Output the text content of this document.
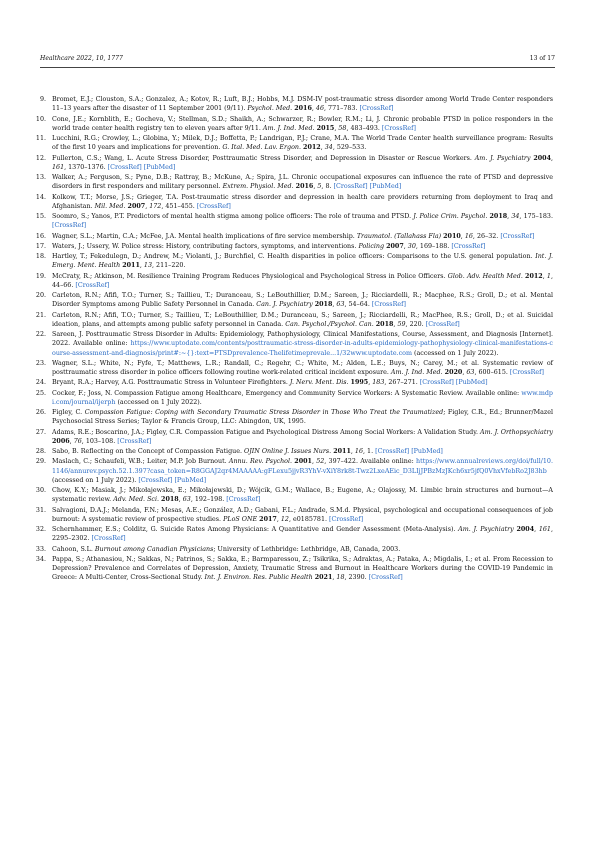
Healthcare 2022, 10, 1777	13 of 17
9. Bromet, E.J.; Clouston, S.A.; Gonzalez, A.; Kotov, R.; Luft, B.J.; Hobbs, M.J. DSM-IV post-traumatic stress disorder among World Trade Center responders 11–13 years after the disaster of 11 September 2001 (9/11). Psychol. Med. 2016, 46, 771–783. [CrossRef]
10. Cone, J.E.; Kornblith, E.; Gocheva, V.; Stellman, S.D.; Shaikh, A.; Schwarzer, R.; Bowler, R.M.; Li, J. Chronic probable PTSD in police responders in the world trade center health registry ten to eleven years after 9/11. Am. J. Ind. Med. 2015, 58, 483–493. [CrossRef]
11. Lucchini, R.G.; Crowley, L.; Globina, Y.; Milek, D.J.; Boffetta, P.; Landrigan, P.J.; Crane, M.A. The World Trade Center health surveillance program: Results of the first 10 years and implications for prevention. G. Ital. Med. Lav. Ergon. 2012, 34, 529–533.
12. Fullerton, C.S.; Wang, L. Acute Stress Disorder, Posttraumatic Stress Disorder, and Depression in Disaster or Rescue Workers. Am. J. Psychiatry 2004, 161, 1370–1376. [CrossRef] [PubMed]
13. Walker, A.; Ferguson, S.; Pyne, D.B.; Rattray, B.; McKune, A.; Spira, J.L. Chronic occupational exposures can influence the rate of PTSD and depressive disorders in first responders and military personnel. Extrem. Physiol. Med. 2016, 5, 8. [CrossRef] [PubMed]
14. Kolkow, T.T.; Morse, J.S.; Grieger, T.A. Post-traumatic stress disorder and depression in health care providers returning from deployment to Iraq and Afghanistan. Mil. Med. 2007, 172, 451–455. [CrossRef]
15. Soomro, S.; Yanos, P.T. Predictors of mental health stigma among police officers: The role of trauma and PTSD. J. Police Crim. Psychol. 2018, 34, 175–183. [CrossRef]
16. Wagner, S.L.; Martin, C.A.; McFee, J.A. Mental health implications of fire service membership. Traumatol. (Tallahass Fla) 2010, 16, 26–32. [CrossRef]
17. Waters, J.; Ussery, W. Police stress: History, contributing factors, symptoms, and interventions. Policing 2007, 30, 169–188. [CrossRef]
18. Hartley, T.; Fekedulegn, D.; Andrew, M.; Violanti, J.; Burchfiel, C. Health disparities in police officers: Comparisons to the U.S. general population. Int. J. Emerg. Ment. Health 2011, 13, 211–220.
19. McCraty, R.; Atkinson, M. Resilience Training Program Reduces Physiological and Psychological Stress in Police Officers. Glob. Adv. Health Med. 2012, 1, 44–66. [CrossRef]
20. Carleton, R.N.; Afifi, T.O.; Turner, S.; Taillieu, T.; Duranceau, S.; LeBouthillier, D.M.; Sareen, J.; Ricciardelli, R.; Macphee, R.S.; Groll, D.; et al. Mental Disorder Symptoms among Public Safety Personnel in Canada. Can. J. Psychiatry 2018, 63, 54–64. [CrossRef]
21. Carleton, R.N.; Afifi, T.O.; Turner, S.; Taillieu, T.; LeBouthillier, D.M.; Duranceau, S.; Sareen, J.; Ricciardelli, R.; MacPhee, R.S.; Groll, D.; et al. Suicidal ideation, plans, and attempts among public safety personnel in Canada. Can. Psychol./Psychol. Can. 2018, 59, 220. [CrossRef]
22. Sareen, J. Posttraumatic Stress Disorder in Adults: Epidemiology, Pathophysiology, Clinical Manifestations, Course, Assessment, and Diagnosis [Internet]. 2022. Available online: https://www.uptodate.com/contents/posttraumatic-stress-disorder-in-adults-epidemiology-pathophysiology-clinical-manifestations-course-assessment-and-diagnosis/print#:~{}:text=PTSDprevalence-Thelifetimeprevale...1/32www.uptodate.com (accessed on 1 July 2022).
23. Wagner, S.L.; White, N.; Fyfe, T.; Matthews, L.R.; Randall, C.; Regehr, C.; White, M.; Alden, L.E.; Buys, N.; Carey, M.; et al. Systematic review of posttraumatic stress disorder in police officers following routine work-related critical incident exposure. Am. J. Ind. Med. 2020, 63, 600–615. [CrossRef]
24. Bryant, R.A.; Harvey, A.G. Posttraumatic Stress in Volunteer Firefighters. J. Nerv. Ment. Dis. 1995, 183, 267–271. [CrossRef] [PubMed]
25. Cocker, F.; Joss, N. Compassion Fatigue among Healthcare, Emergency and Community Service Workers: A Systematic Review. Available online: www.mdpi.com/journal/ijerph (accessed on 1 July 2022).
26. Figley, C. Compassion Fatigue: Coping with Secondary Traumatic Stress Disorder in Those Who Treat the Traumatized; Figley, C.R., Ed.; Brunner/Mazel Psychosocial Stress Series; Taylor & Francis Group, LLC: Abingdon, UK, 1995.
27. Adams, R.E.; Boscarino, J.A.; Figley, C.R. Compassion Fatigue and Psychological Distress Among Social Workers: A Validation Study. Am. J. Orthopsychiatry 2006, 76, 103–108. [CrossRef]
28. Sabo, B. Reflecting on the Concept of Compassion Fatigue. OJIN Online J. Issues Nurs. 2011, 16, 1. [CrossRef] [PubMed]
29. Maslach, C.; Schaufeli, W.B.; Leiter, M.P. Job Burnout. Annu. Rev. Psychol. 2001, 52, 397–422. Available online: https://www.annualreviews.org/doi/full/10.1146/annurev.psych.52.1.397?casa_token=R8GGAJ2qr4MAAAAA:gFLexu5jjvR3YhV-vXiY8rk8t-Twz2LxeAEic_D3LIjJPBzMzJKch6xr5jfQ0VhxVfebRo2J83hb (accessed on 1 July 2022). [CrossRef] [PubMed]
30. Chow, K.Y.; Masiak, J.; Mikołajewska, E.; Mikołajewski, D.; Wójcik, G.M.; Wallace, B.; Eugene, A.; Olajossy, M. Limbic brain structures and burnout—A systematic review. Adv. Med. Sci. 2018, 63, 192–198. [CrossRef]
31. Salvagioni, D.A.J.; Melanda, F.N.; Mesas, A.E.; González, A.D.; Gabani, F.L.; Andrade, S.M.d. Physical, psychological and occupational consequences of job burnout: A systematic review of prospective studies. PLoS ONE 2017, 12, e0185781. [CrossRef]
32. Schernhammer, E.S.; Colditz, G. Suicide Rates Among Physicians: A Quantitative and Gender Assessment (Meta-Analysis). Am. J. Psychiatry 2004, 161, 2295–2302. [CrossRef]
33. Cahoon, S.L. Burnout among Canadian Physicians; University of Lethbridge: Lethbridge, AB, Canada, 2003.
34. Pappa, S.; Athanasiou, N.; Sakkas, N.; Patrinos, S.; Sakka, E.; Barmparessou, Z.; Tsikrika, S.; Adraktas, A.; Pataka, A.; Migdalis, I.; et al. From Recession to Depression? Prevalence and Correlates of Depression, Anxiety, Traumatic Stress and Burnout in Healthcare Workers during the COVID-19 Pandemic in Greece: A Multi-Center, Cross-Sectional Study. Int. J. Environ. Res. Public Health 2021, 18, 2390. [CrossRef]
